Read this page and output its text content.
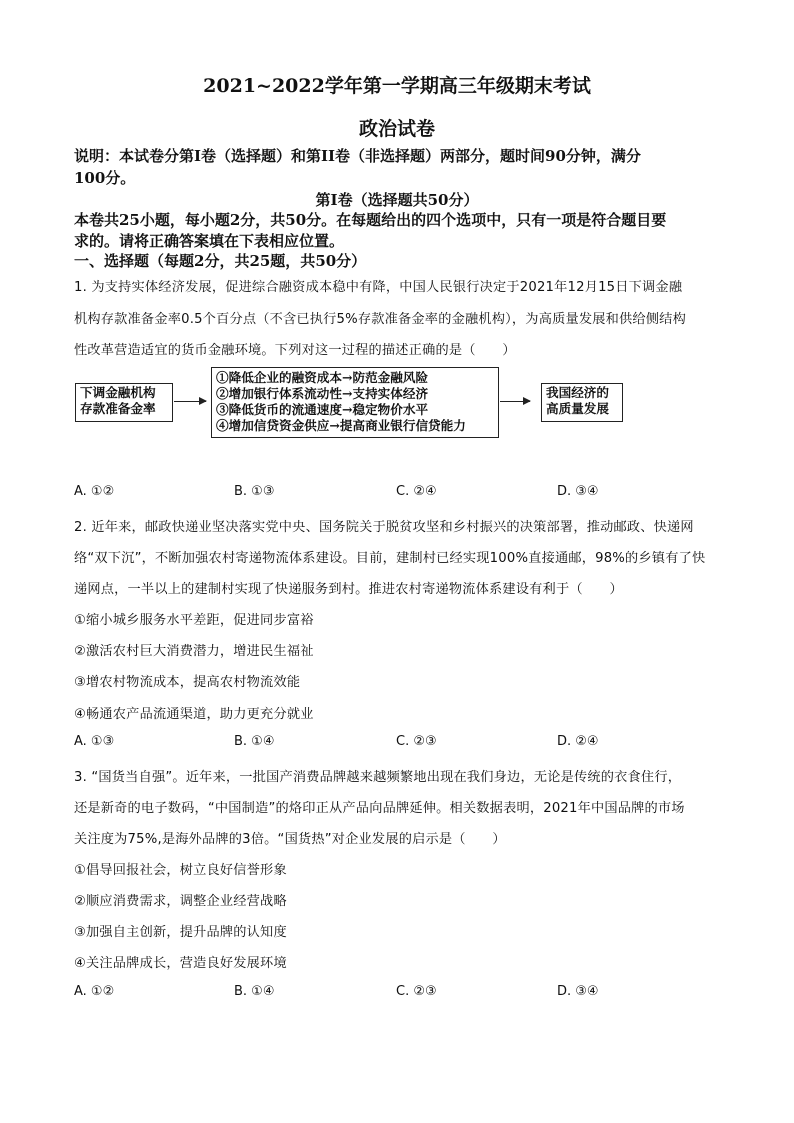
2021~2022学年第一学期高三年级期末考试
政治试卷
说明：本试卷分第Ⅰ卷（选择题）和第II卷（非选择题）两部分，题时间90分钟，满分
100分。
第Ⅰ卷（选择题共50分）
本卷共25小题，每小题2分，共50分。在每题给出的四个选项中，只有一项是符合题目要
求的。请将正确答案填在下表相应位置。
一、选择题（每题2分，共25题，共50分）
1. 为支持实体经济发展，促进综合融资成本稳中有降，中国人民银行决定于2021年12月15日下调金融
机构存款准备金率0.5个百分点（不含已执行5%存款准备金率的金融机构），为高质量发展和供给侧结构
性改革营造适宜的货币金融环境。下列对这一过程的描述正确的是（　　）
下调金融机构
存款准备金率
①降低企业的融资成本→防范金融风险
②增加银行体系流动性→支持实体经济
③降低货币的流通速度→稳定物价水平
④增加信贷资金供应→提高商业银行信贷能力
我国经济的
高质量发展
A. ①②	B. ①③	C. ②④	D. ③④
2. 近年来，邮政快递业坚决落实党中央、国务院关于脱贫攻坚和乡村振兴的决策部署，推动邮政、快递网
络“双下沉”，不断加强农村寄递物流体系建设。目前，建制村已经实现100%直接通邮，98%的乡镇有了快
递网点，一半以上的建制村实现了快递服务到村。推进农村寄递物流体系建设有利于（　　）
①缩小城乡服务水平差距，促进同步富裕
②激活农村巨大消费潜力，增进民生福祉
③增农村物流成本，提高农村物流效能
④畅通农产品流通渠道，助力更充分就业
A. ①③	B. ①④	C. ②③	D. ②④
3. “国货当自强”。近年来，一批国产消费品牌越来越频繁地出现在我们身边，无论是传统的衣食住行，
还是新奇的电子数码，“中国制造”的烙印正从产品向品牌延伸。相关数据表明，2021年中国品牌的市场
关注度为75%,是海外品牌的3倍。“国货热”对企业发展的启示是（　　）
①倡导回报社会，树立良好信誉形象
②顺应消费需求，调整企业经营战略
③加强自主创新，提升品牌的认知度
④关注品牌成长，营造良好发展环境
A. ①②	B. ①④	C. ②③	D. ③④
